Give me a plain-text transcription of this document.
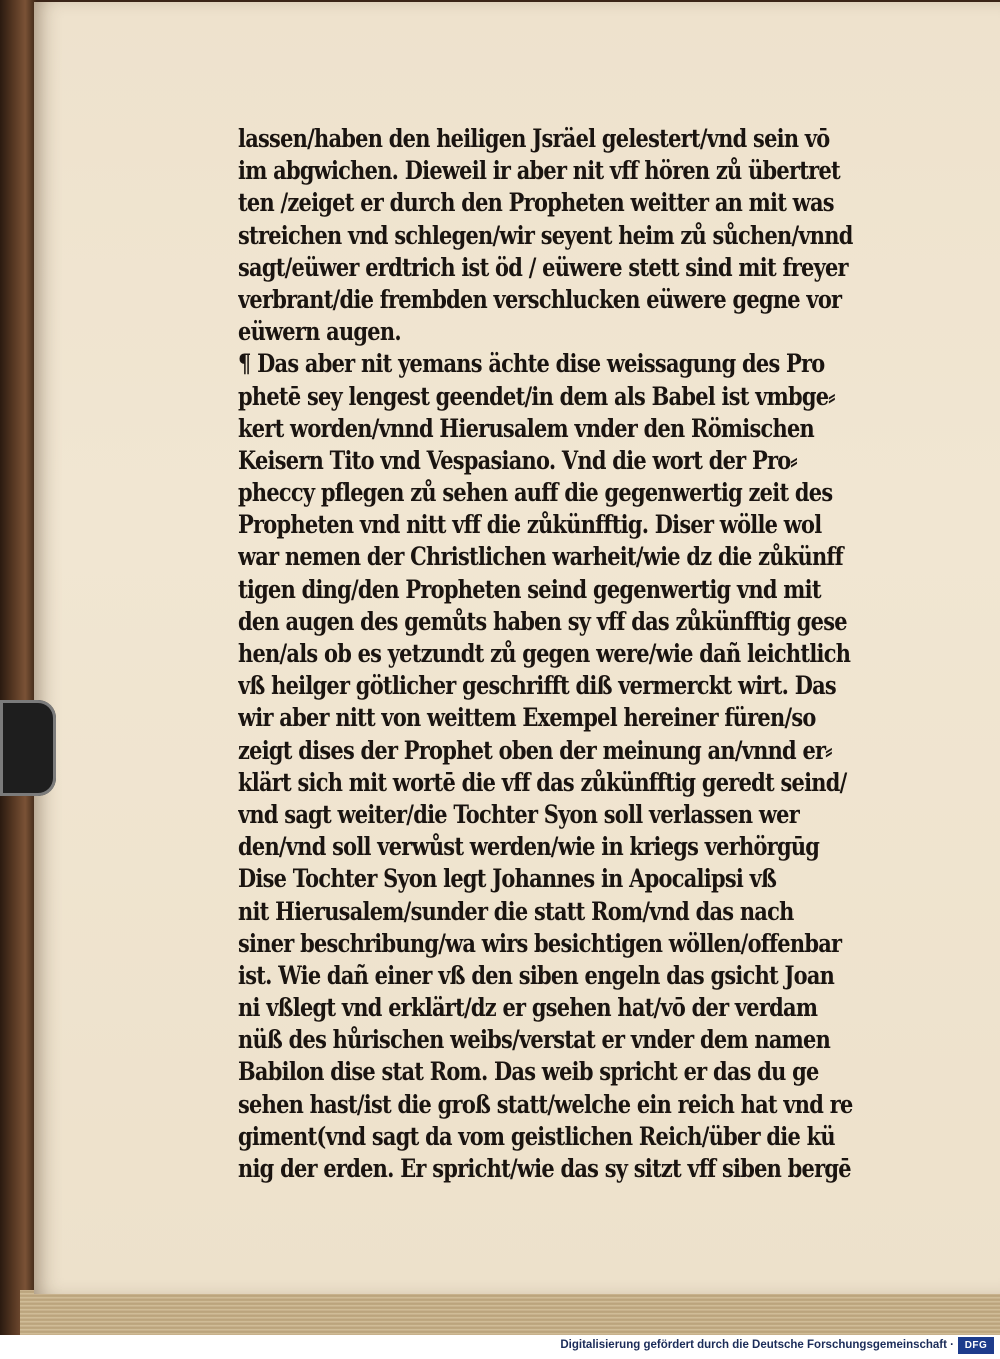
lassen/haben den heiligen Jsräel gelestert/vnd sein vō
im abgwichen. Dieweil ir aber nit vff hören zů übertret
ten /zeiget er durch den Propheten weitter an mit was
streichen vnd schlegen/wir seyent heim zů sůchen/vnnd
sagt/eüwer erdtrich ist öd / eüwere stett sind mit freyer
verbrant/die frembden verschlucken eüwere gegne vor
eüwern augen.
¶ Das aber nit yemans ächte dise weissagung des Pro
phetē sey lengest geendet/in dem als Babel ist vmbge⸗
kert worden/vnnd Hierusalem vnder den Römischen
Keisern Tito vnd Vespasiano. Vnd die wort der Pro⸗
pheccy pflegen zů sehen auff die gegenwertig zeit des
Propheten vnd nitt vff die zůkünfftig. Diser wölle wol
war nemen der Christlichen warheit/wie dz die zůkünff
tigen ding/den Propheten seind gegenwertig vnd mit
den augen des gemůts haben sy vff das zůkünfftig gese
hen/als ob es yetzundt zů gegen were/wie dañ leichtlich
vß heilger götlicher geschrifft diß vermerckt wirt. Das
wir aber nitt von weittem Exempel hereiner füren/so
zeigt dises der Prophet oben der meinung an/vnnd er⸗
klärt sich mit wortē die vff das zůkünfftig geredt seind/
vnd sagt weiter/die Tochter Syon soll verlassen wer
den/vnd soll verwůst werden/wie in kriegs verhörgūg
Dise Tochter Syon legt Johannes in Apocalipsi vß
nit Hierusalem/sunder die statt Rom/vnd das nach
siner beschribung/wa wirs besichtigen wöllen/offenbar
ist. Wie dañ einer vß den siben engeln das gsicht Joan
ni vßlegt vnd erklärt/dz er gsehen hat/vō der verdam
nüß des hůrischen weibs/verstat er vnder dem namen
Babilon dise stat Rom. Das weib spricht er das du ge
sehen hast/ist die groß statt/welche ein reich hat vnd re
giment(vnd sagt da vom geistlichen Reich/über die kü
nig der erden. Er spricht/wie das sy sitzt vff siben bergē
Digitalisierung gefördert durch die Deutsche Forschungsgemeinschaft ·	DFG
